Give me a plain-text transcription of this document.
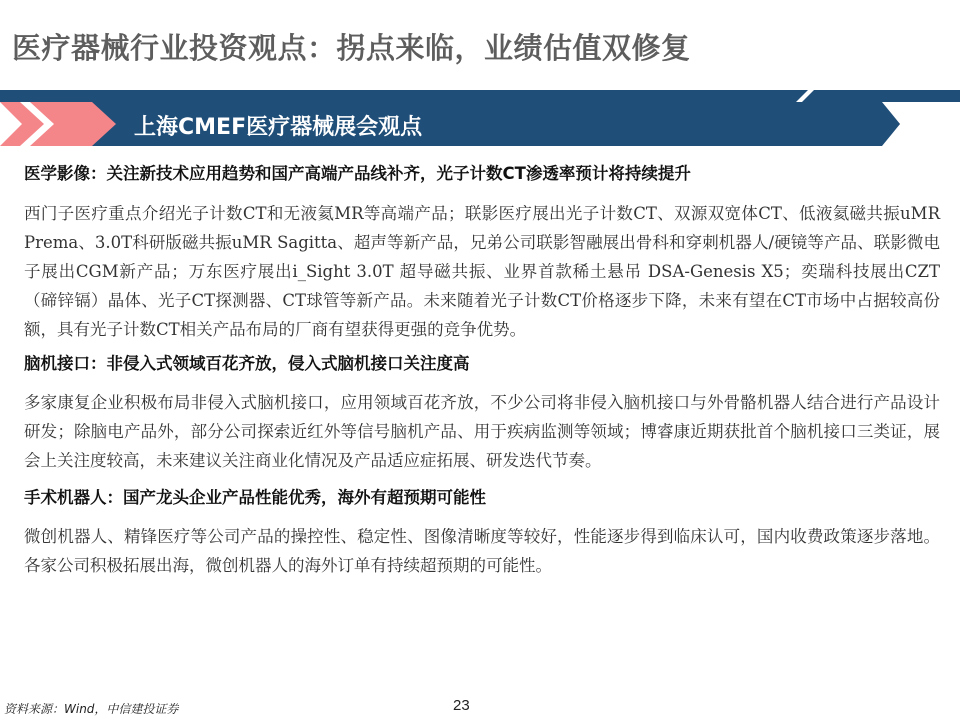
医疗器械行业投资观点：拐点来临，业绩估值双修复
上海CMEF医疗器械展会观点

医学影像：关注新技术应用趋势和国产高端产品线补齐，光子计数CT渗透率预计将持续提升

西门子医疗重点介绍光子计数CT和无液氦MR等高端产品；联影医疗展出光子计数CT、双源双宽体CT、低液氦磁共振uMR Prema、3.0T科研版磁共振uMR Sagitta、超声等新产品，兄弟公司联影智融展出骨科和穿刺机器人/硬镜等产品、联影微电子展出CGM新产品；万东医疗展出i_Sight 3.0T 超导磁共振、业界首款稀土悬吊 DSA-Genesis X5；奕瑞科技展出CZT（碲锌镉）晶体、光子CT探测器、CT球管等新产品。未来随着光子计数CT价格逐步下降，未来有望在CT市场中占据较高份额，具有光子计数CT相关产品布局的厂商有望获得更强的竞争优势。

脑机接口：非侵入式领域百花齐放，侵入式脑机接口关注度高

多家康复企业积极布局非侵入式脑机接口，应用领域百花齐放，不少公司将非侵入脑机接口与外骨骼机器人结合进行产品设计研发；除脑电产品外，部分公司探索近红外等信号脑机产品、用于疾病监测等领域；博睿康近期获批首个脑机接口三类证，展会上关注度较高，未来建议关注商业化情况及产品适应症拓展、研发迭代节奏。

手术机器人：国产龙头企业产品性能优秀，海外有超预期可能性

微创机器人、精锋医疗等公司产品的操控性、稳定性、图像清晰度等较好，性能逐步得到临床认可，国内收费政策逐步落地。各家公司积极拓展出海，微创机器人的海外订单有持续超预期的可能性。

资料来源：Wind，中信建投证券	23
